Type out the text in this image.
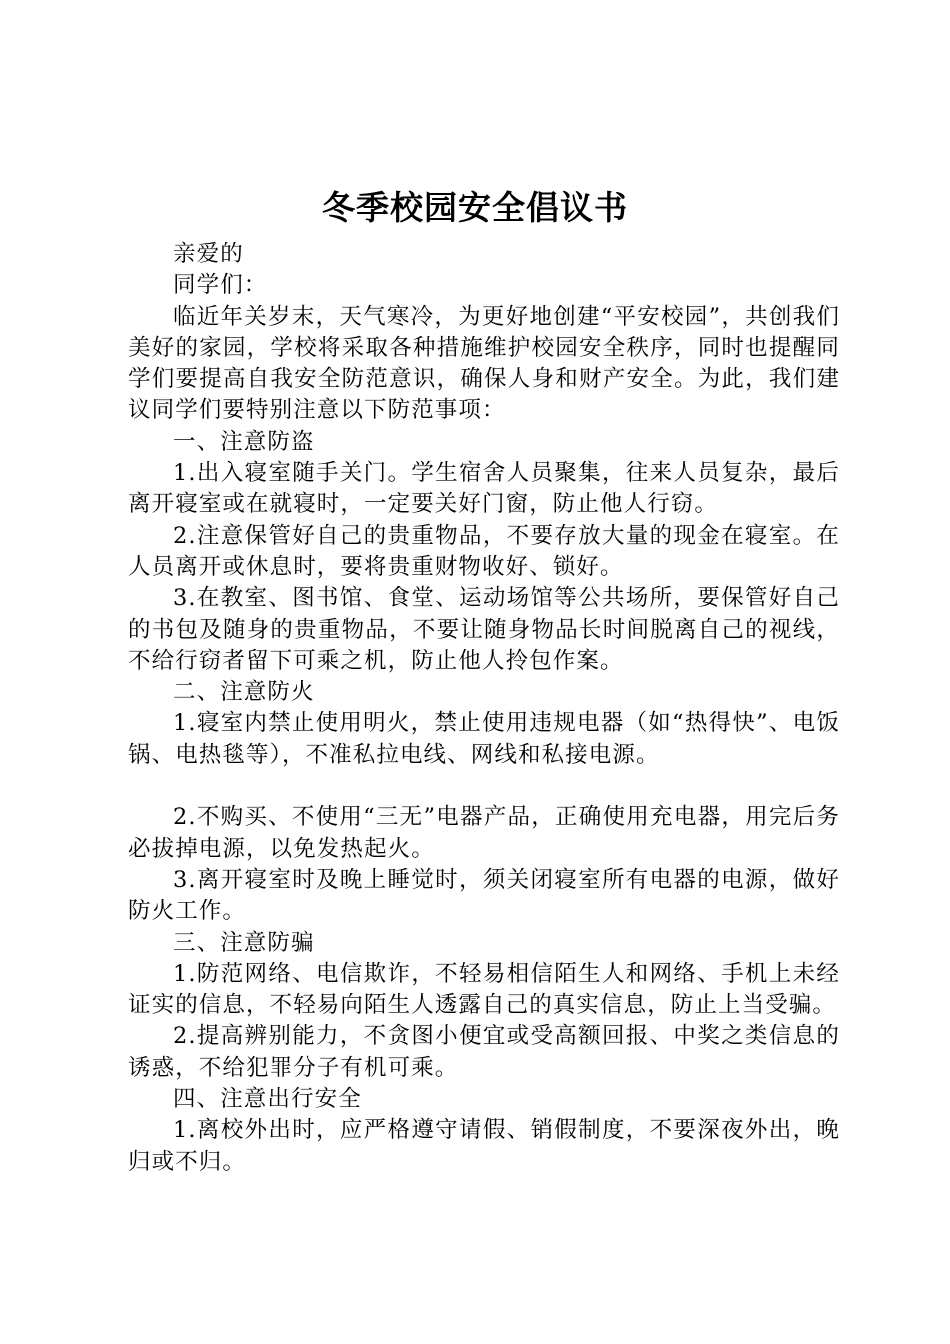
冬季校园安全倡议书

亲爱的

同学们：

临近年关岁末，天气寒冷，为更好地创建“平安校园”，共创我们美好的家园，学校将采取各种措施维护校园安全秩序，同时也提醒同学们要提高自我安全防范意识，确保人身和财产安全。为此，我们建议同学们要特别注意以下防范事项：

一、注意防盗

1.出入寝室随手关门。学生宿舍人员聚集，往来人员复杂，最后离开寝室或在就寝时，一定要关好门窗，防止他人行窃。

2.注意保管好自己的贵重物品，不要存放大量的现金在寝室。在人员离开或休息时，要将贵重财物收好、锁好。

3.在教室、图书馆、食堂、运动场馆等公共场所，要保管好自己的书包及随身的贵重物品，不要让随身物品长时间脱离自己的视线，不给行窃者留下可乘之机，防止他人拎包作案。

二、注意防火

1.寝室内禁止使用明火，禁止使用违规电器（如“热得快”、电饭锅、电热毯等），不准私拉电线、网线和私接电源。

2.不购买、不使用“三无”电器产品，正确使用充电器，用完后务必拔掉电源，以免发热起火。

3.离开寝室时及晚上睡觉时，须关闭寝室所有电器的电源，做好防火工作。

三、注意防骗

1.防范网络、电信欺诈，不轻易相信陌生人和网络、手机上未经证实的信息，不轻易向陌生人透露自己的真实信息，防止上当受骗。

2.提高辨别能力，不贪图小便宜或受高额回报、中奖之类信息的诱惑，不给犯罪分子有机可乘。

四、注意出行安全

1.离校外出时，应严格遵守请假、销假制度，不要深夜外出，晚归或不归。
